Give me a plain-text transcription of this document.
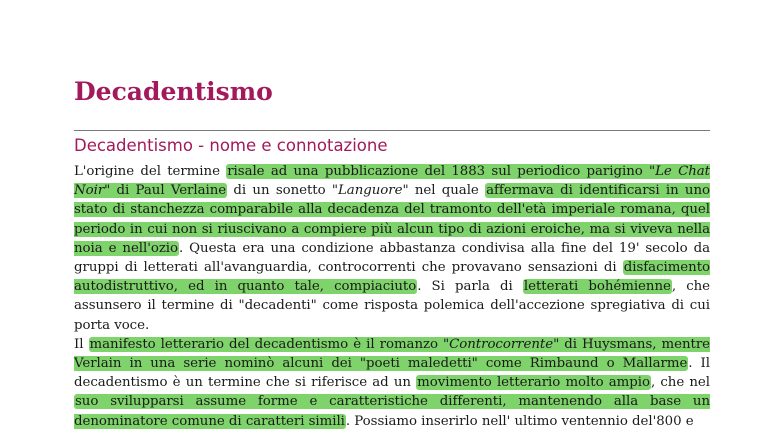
Decadentismo
Decadentismo - nome e connotazione

L'origine del termine risale ad una pubblicazione del 1883 sul periodico parigino "Le Chat Noir" di Paul Verlaine di un sonetto "Languore" nel quale affermava di identificarsi in uno stato di stanchezza comparabile alla decadenza del tramonto dell'età imperiale romana, quel periodo in cui non si riuscivano a compiere più alcun tipo di azioni eroiche, ma si viveva nella noia e nell'ozio. Questa era una condizione abbastanza condivisa alla fine del 19' secolo da gruppi di letterati all'avanguardia, controcorrenti che provavano sensazioni di disfacimento autodistruttivo, ed in quanto tale, compiaciuto. Si parla di letterati bohémienne, che assunsero il termine di "decadenti" come risposta polemica dell'accezione spregiativa di cui porta voce.

Il manifesto letterario del decadentismo è il romanzo "Controcorrente" di Huysmans, mentre Verlain in una serie nominò alcuni dei "poeti maledetti" come Rimbaund o Mallarme. Il decadentismo è un termine che si riferisce ad un movimento letterario molto ampio, che nel suo svilupparsi assume forme e caratteristiche differenti, mantenendo alla base un denominatore comune di caratteri simili. Possiamo inserirlo nell' ultimo ventennio del'800 e
